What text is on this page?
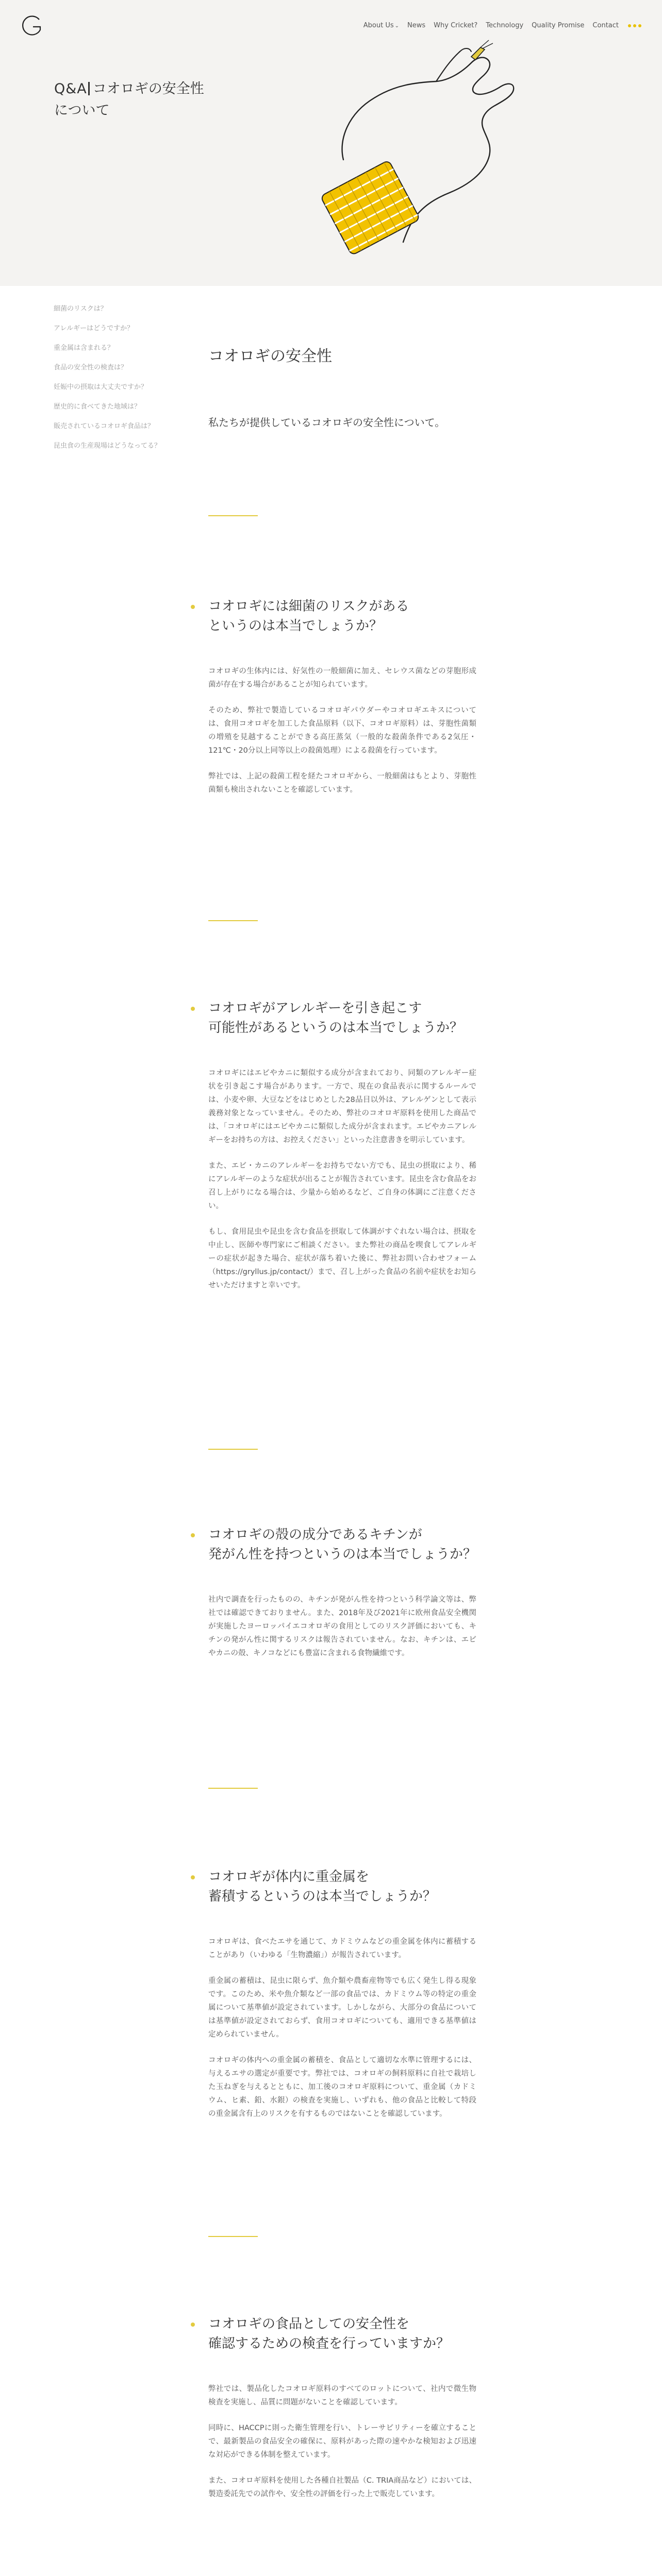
About Us ⌄ News Why Cricket? Technology Quality Promise Contact
Q&A コオロギの安全性
について
細菌のリスクは？
アレルギーはどうですか？
重金属は含まれる？
食品の安全性の検査は？
妊娠中の摂取は大丈夫ですか？
歴史的に食べてきた地域は？
販売されているコオロギ食品は？
昆虫食の生産現場はどうなってる？
コオロギの安全性

私たちが提供しているコオロギの安全性について。

コオロギには細菌のリスクがある
というのは本当でしょうか？

コオロギの生体内には、好気性の一般細菌に加え、セレウス菌などの芽胞形成菌が存在する場合があることが知られています。

そのため、弊社で製造しているコオロギパウダーやコオロギエキスについては、食用コオロギを加工した食品原料（以下、コオロギ原料）は、芽胞性菌類の増殖を見越することができる高圧蒸気（一般的な殺菌条件である2気圧・121℃・20分以上同等以上の殺菌処理）による殺菌を行っています。

弊社では、上記の殺菌工程を経たコオロギから、一般細菌はもとより、芽胞性菌類も検出されないことを確認しています。

コオロギがアレルギーを引き起こす
可能性があるというのは本当でしょうか？

コオロギにはエビやカニに類似する成分が含まれており、同類のアレルギー症状を引き起こす場合があります。一方で、現在の食品表示に関するルールでは、小麦や卵、大豆などをはじめとした28品目以外は、アレルゲンとして表示義務対象となっていません。そのため、弊社のコオロギ原料を使用した商品では、「コオロギにはエビやカニに類似した成分が含まれます。エビやカニアレルギーをお持ちの方は、お控えください」といった注意書きを明示しています。

また、エビ・カニのアレルギーをお持ちでない方でも、昆虫の摂取により、稀にアレルギーのような症状が出ることが報告されています。昆虫を含む食品をお召し上がりになる場合は、少量から始めるなど、ご自身の体調にご注意ください。

もし、食用昆虫や昆虫を含む食品を摂取して体調がすぐれない場合は、摂取を中止し、医師や専門家にご相談ください。また弊社の商品を喫食してアレルギーの症状が起きた場合、症状が落ち着いた後に、弊社お問い合わせフォーム（https://gryllus.jp/contact/）まで、召し上がった食品の名前や症状をお知らせいただけますと幸いです。

コオロギの殻の成分であるキチンが
発がん性を持つというのは本当でしょうか？

社内で調査を行ったものの、キチンが発がん性を持つという科学論文等は、弊社では確認できておりません。また、2018年及び2021年に欧州食品安全機関が実施したヨーロッパイエコオロギの食用としてのリスク評価においても、キチンの発がん性に関するリスクは報告されていません。なお、キチンは、エビやカニの殻、キノコなどにも豊富に含まれる食物繊維です。

コオロギが体内に重金属を
蓄積するというのは本当でしょうか？

コオロギは、食べたエサを通じて、カドミウムなどの重金属を体内に蓄積することがあり（いわゆる「生物濃縮」）が報告されています。

重金属の蓄積は、昆虫に限らず、魚介類や農畜産物等でも広く発生し得る現象です。このため、米や魚介類など一部の食品では、カドミウム等の特定の重金属について基準値が設定されています。しかしながら、大部分の食品については基準値が設定されておらず、食用コオロギについても、適用できる基準値は定められていません。

コオロギの体内への重金属の蓄積を、食品として適切な水準に管理するには、与えるエサの選定が重要です。弊社では、コオロギの飼料原料に自社で栽培した玉ねぎを与えるとともに、加工後のコオロギ原料について、重金属（カドミウム、ヒ素、鉛、水銀）の検査を実施し、いずれも、他の食品と比較して特段の重金属含有上のリスクを有するものではないことを確認しています。

コオロギの食品としての安全性を
確認するための検査を行っていますか？

弊社では、製品化したコオロギ原料のすべてのロットについて、社内で微生物検査を実施し、品質に問題がないことを確認しています。

同時に、HACCPに則った衛生管理を行い、トレーサビリティーを確立することで、最新製品の食品安全の確保に、原料があった際の速やかな検知および迅速な対応ができる体制を整えています。

また、コオロギ原料を使用した各種自社製品（C. TRIA商品など）においては、製造委託先での試作や、安全性の評価を行った上で販売しています。
